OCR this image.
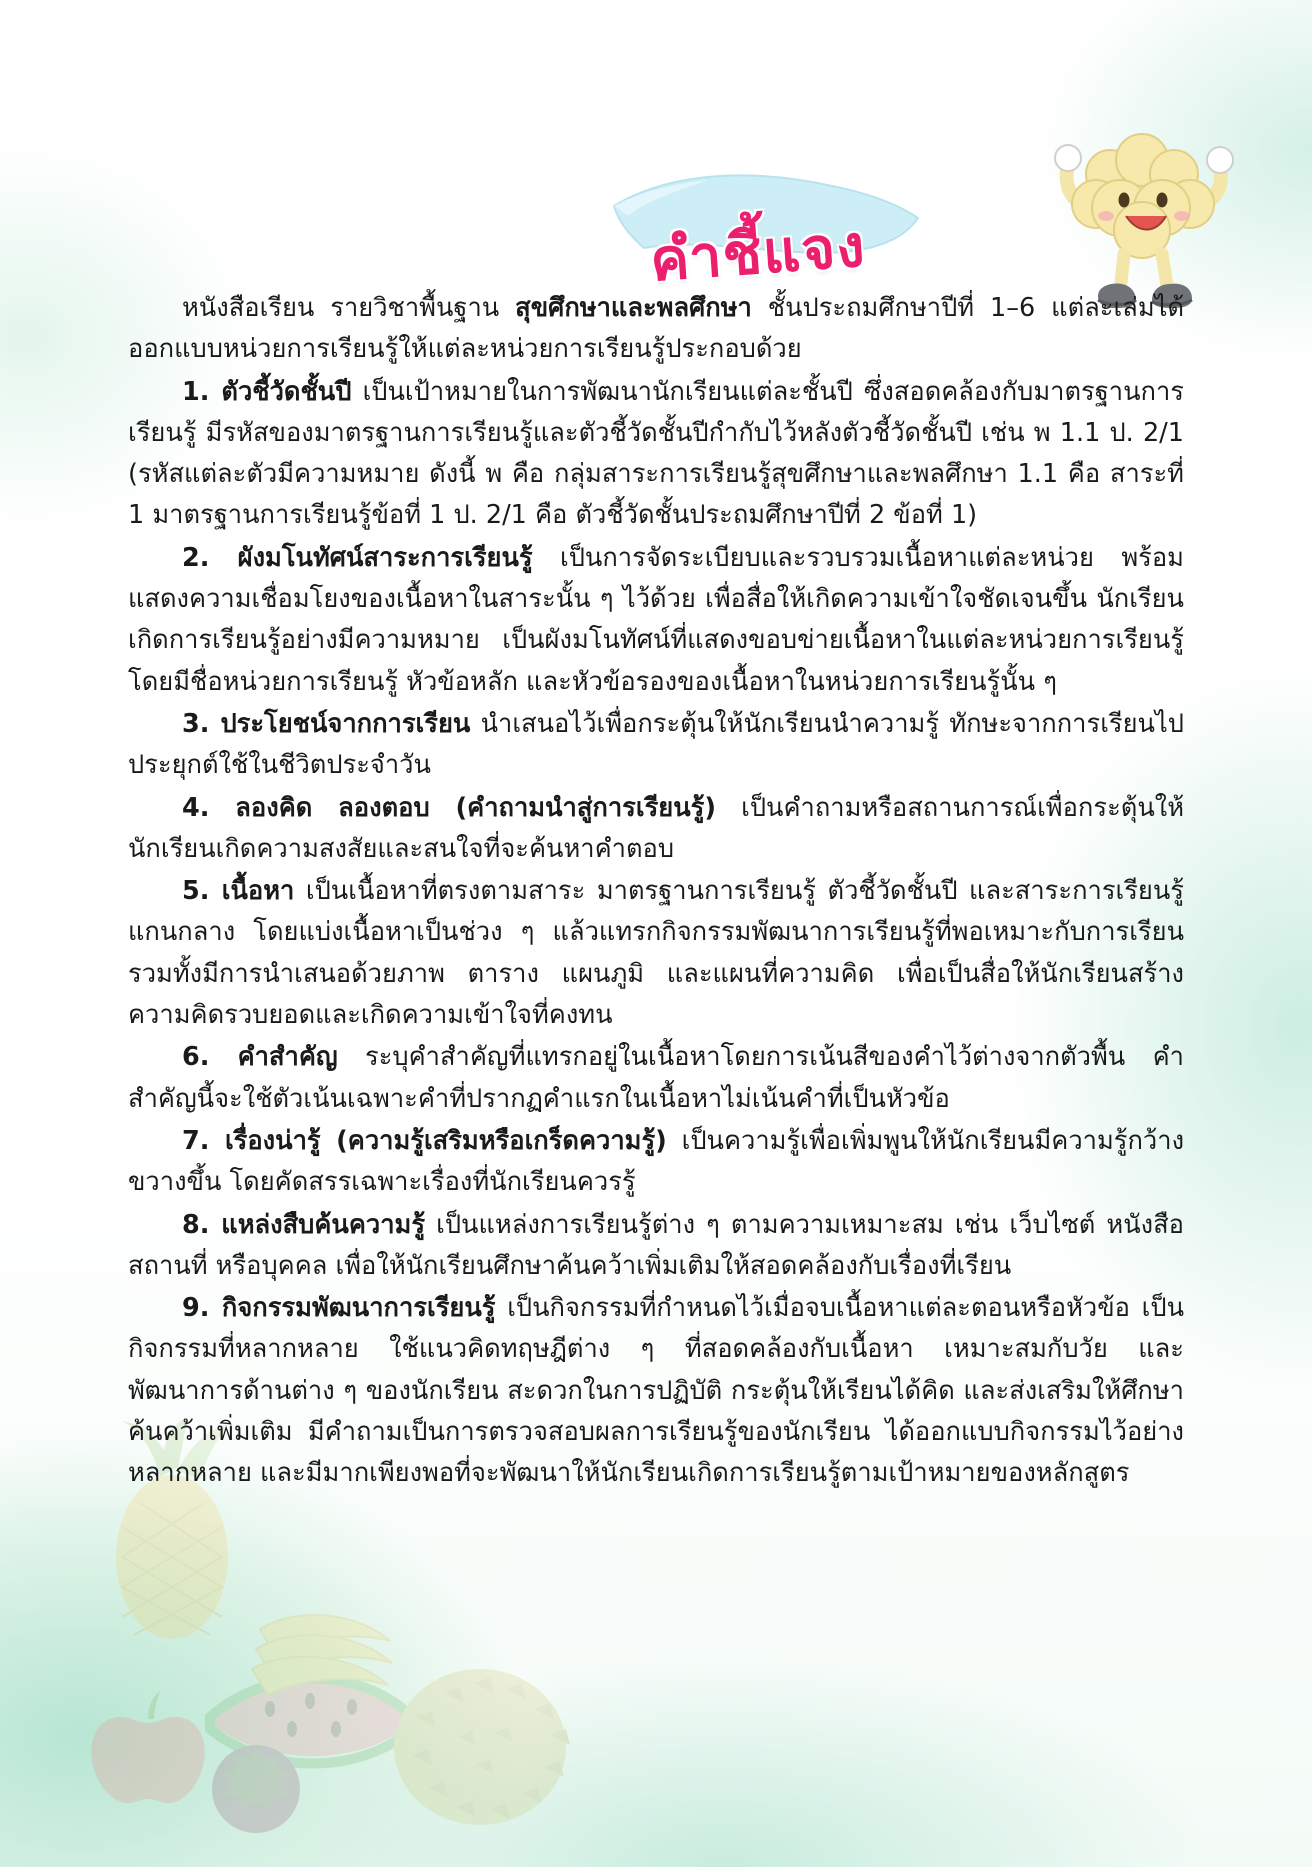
คำชี้แจง

หนังสือเรียน รายวิชาพื้นฐาน สุขศึกษาและพลศึกษา ชั้นประถมศึกษาปีที่ 1–6 แต่ละเล่มได้ออกแบบหน่วยการเรียนรู้ให้แต่ละหน่วยการเรียนรู้ประกอบด้วย

1. ตัวชี้วัดชั้นปี เป็นเป้าหมายในการพัฒนานักเรียนแต่ละชั้นปี ซึ่งสอดคล้องกับมาตรฐานการเรียนรู้ มีรหัสของมาตรฐานการเรียนรู้และตัวชี้วัดชั้นปีกำกับไว้หลังตัวชี้วัดชั้นปี เช่น พ 1.1 ป. 2/1 (รหัสแต่ละตัวมีความหมาย ดังนี้ พ คือ กลุ่มสาระการเรียนรู้สุขศึกษาและพลศึกษา 1.1 คือ สาระที่ 1 มาตรฐานการเรียนรู้ข้อที่ 1 ป. 2/1 คือ ตัวชี้วัดชั้นประถมศึกษาปีที่ 2 ข้อที่ 1)

2. ผังมโนทัศน์สาระการเรียนรู้ เป็นการจัดระเบียบและรวบรวมเนื้อหาแต่ละหน่วย พร้อมแสดงความเชื่อมโยงของเนื้อหาในสาระนั้น ๆ ไว้ด้วย เพื่อสื่อให้เกิดความเข้าใจชัดเจนขึ้น นักเรียนเกิดการเรียนรู้อย่างมีความหมาย เป็นผังมโนทัศน์ที่แสดงขอบข่ายเนื้อหาในแต่ละหน่วยการเรียนรู้ โดยมีชื่อหน่วยการเรียนรู้ หัวข้อหลัก และหัวข้อรองของเนื้อหาในหน่วยการเรียนรู้นั้น ๆ

3. ประโยชน์จากการเรียน นำเสนอไว้เพื่อกระตุ้นให้นักเรียนนำความรู้ ทักษะจากการเรียนไปประยุกต์ใช้ในชีวิตประจำวัน

4. ลองคิด ลองตอบ (คำถามนำสู่การเรียนรู้) เป็นคำถามหรือสถานการณ์เพื่อกระตุ้นให้นักเรียนเกิดความสงสัยและสนใจที่จะค้นหาคำตอบ

5. เนื้อหา เป็นเนื้อหาที่ตรงตามสาระ มาตรฐานการเรียนรู้ ตัวชี้วัดชั้นปี และสาระการเรียนรู้แกนกลาง โดยแบ่งเนื้อหาเป็นช่วง ๆ แล้วแทรกกิจกรรมพัฒนาการเรียนรู้ที่พอเหมาะกับการเรียน รวมทั้งมีการนำเสนอด้วยภาพ ตาราง แผนภูมิ และแผนที่ความคิด เพื่อเป็นสื่อให้นักเรียนสร้างความคิดรวบยอดและเกิดความเข้าใจที่คงทน

6. คำสำคัญ ระบุคำสำคัญที่แทรกอยู่ในเนื้อหาโดยการเน้นสีของคำไว้ต่างจากตัวพื้น คำสำคัญนี้จะใช้ตัวเน้นเฉพาะคำที่ปรากฏคำแรกในเนื้อหาไม่เน้นคำที่เป็นหัวข้อ

7. เรื่องน่ารู้ (ความรู้เสริมหรือเกร็ดความรู้) เป็นความรู้เพื่อเพิ่มพูนให้นักเรียนมีความรู้กว้างขวางขึ้น โดยคัดสรรเฉพาะเรื่องที่นักเรียนควรรู้

8. แหล่งสืบค้นความรู้ เป็นแหล่งการเรียนรู้ต่าง ๆ ตามความเหมาะสม เช่น เว็บไซต์ หนังสือ สถานที่ หรือบุคคล เพื่อให้นักเรียนศึกษาค้นคว้าเพิ่มเติมให้สอดคล้องกับเรื่องที่เรียน

9. กิจกรรมพัฒนาการเรียนรู้ เป็นกิจกรรมที่กำหนดไว้เมื่อจบเนื้อหาแต่ละตอนหรือหัวข้อ เป็นกิจกรรมที่หลากหลาย ใช้แนวคิดทฤษฎีต่าง ๆ ที่สอดคล้องกับเนื้อหา เหมาะสมกับวัย และพัฒนาการด้านต่าง ๆ ของนักเรียน สะดวกในการปฏิบัติ กระตุ้นให้เรียนได้คิด และส่งเสริมให้ศึกษาค้นคว้าเพิ่มเติม มีคำถามเป็นการตรวจสอบผลการเรียนรู้ของนักเรียน ได้ออกแบบกิจกรรมไว้อย่างหลากหลาย และมีมากเพียงพอที่จะพัฒนาให้นักเรียนเกิดการเรียนรู้ตามเป้าหมายของหลักสูตร
